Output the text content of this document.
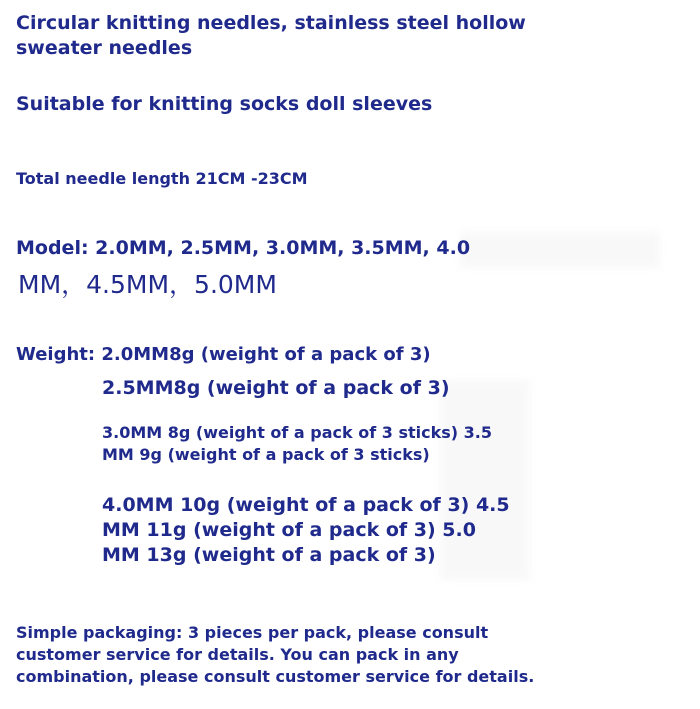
Circular knitting needles, stainless steel hollow
sweater needles
Suitable for knitting socks doll sleeves
Total needle length 21CM -23CM
Model: 2.0MM, 2.5MM, 3.0MM, 3.5MM, 4.0
MM，4.5MM，5.0MM
Weight: 2.0MM8g (weight of a pack of 3)
2.5MM8g (weight of a pack of 3)
3.0MM 8g (weight of a pack of 3 sticks) 3.5
MM 9g (weight of a pack of 3 sticks)
4.0MM 10g (weight of a pack of 3) 4.5
MM 11g (weight of a pack of 3) 5.0
MM 13g (weight of a pack of 3)
Simple packaging: 3 pieces per pack, please consult
customer service for details. You can pack in any
combination, please consult customer service for details.
